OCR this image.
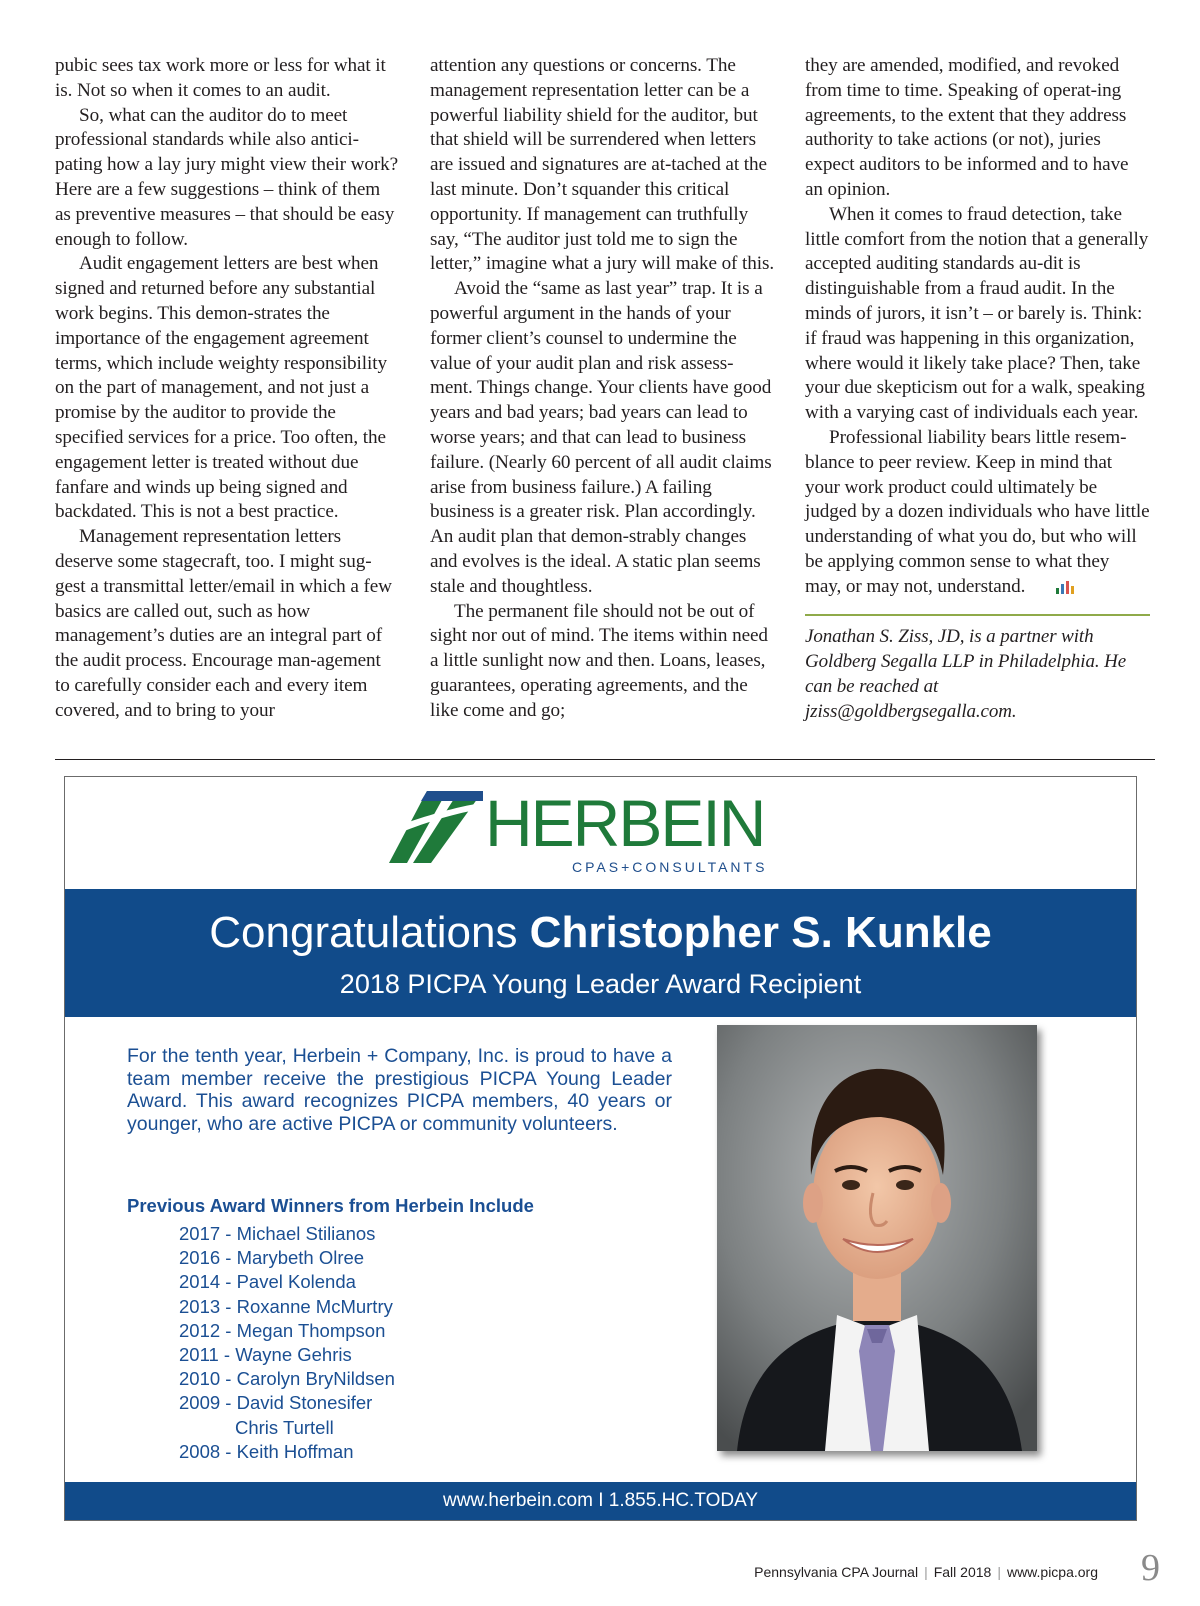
pubic sees tax work more or less for what it is. Not so when it comes to an audit.

So, what can the auditor do to meet professional standards while also antici-pating how a lay jury might view their work? Here are a few suggestions – think of them as preventive measures – that should be easy enough to follow.

Audit engagement letters are best when signed and returned before any substantial work begins. This demon-strates the importance of the engagement agreement terms, which include weighty responsibility on the part of management, and not just a promise by the auditor to provide the specified services for a price. Too often, the engagement letter is treated without due fanfare and winds up being signed and backdated. This is not a best practice.

Management representation letters deserve some stagecraft, too. I might sug-gest a transmittal letter/email in which a few basics are called out, such as how management’s duties are an integral part of the audit process. Encourage man-agement to carefully consider each and every item covered, and to bring to your

attention any questions or concerns. The management representation letter can be a powerful liability shield for the auditor, but that shield will be surrendered when letters are issued and signatures are at-tached at the last minute. Don’t squander this critical opportunity. If management can truthfully say, “The auditor just told me to sign the letter,” imagine what a jury will make of this.

Avoid the “same as last year” trap. It is a powerful argument in the hands of your former client’s counsel to undermine the value of your audit plan and risk assess-ment. Things change. Your clients have good years and bad years; bad years can lead to worse years; and that can lead to business failure. (Nearly 60 percent of all audit claims arise from business failure.) A failing business is a greater risk. Plan accordingly. An audit plan that demon-strably changes and evolves is the ideal. A static plan seems stale and thoughtless.

The permanent file should not be out of sight nor out of mind. The items within need a little sunlight now and then. Loans, leases, guarantees, operating agreements, and the like come and go;

they are amended, modified, and revoked from time to time. Speaking of operat-ing agreements, to the extent that they address authority to take actions (or not), juries expect auditors to be informed and to have an opinion.

When it comes to fraud detection, take little comfort from the notion that a generally accepted auditing standards au-dit is distinguishable from a fraud audit. In the minds of jurors, it isn’t – or barely is. Think: if fraud was happening in this organization, where would it likely take place? Then, take your due skepticism out for a walk, speaking with a varying cast of individuals each year.

Professional liability bears little resem-blance to peer review. Keep in mind that your work product could ultimately be judged by a dozen individuals who have little understanding of what you do, but who will be applying common sense to what they may, or may not, understand.

Jonathan S. Ziss, JD, is a partner with Goldberg Segalla LLP in Philadelphia. He can be reached at jziss@goldbergsegalla.com.
HERBEIN
CPAS+CONSULTANTS
Congratulations Christopher S. Kunkle
2018 PICPA Young Leader Award Recipient

For the tenth year, Herbein + Company, Inc. is proud to have a team member receive the prestigious PICPA Young Leader Award. This award recognizes PICPA members, 40 years or younger, who are active PICPA or community volunteers.

Previous Award Winners from Herbein Include

2017 - Michael Stilianos
2016 - Marybeth Olree
2014 - Pavel Kolenda
2013 - Roxanne McMurtry
2012 - Megan Thompson
2011 - Wayne Gehris
2010 - Carolyn BryNildsen
2009 - David Stonesifer
Chris Turtell
2008 - Keith Hoffman
www.herbein.com I 1.855.HC.TODAY
Pennsylvania CPA Journal | Fall 2018 | www.picpa.org 9
